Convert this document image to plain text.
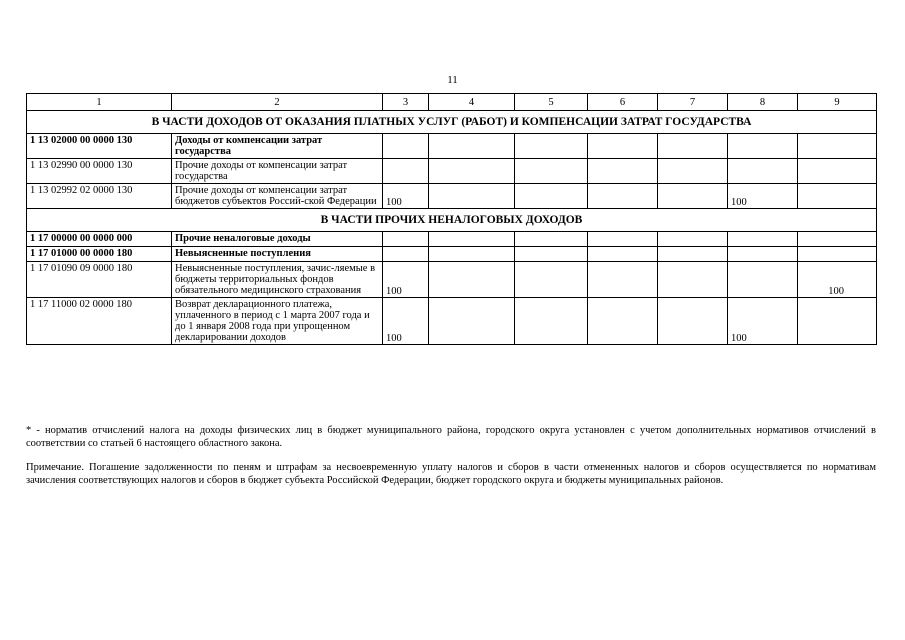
11
1	2	3	4	5	6	7	8	9
В ЧАСТИ ДОХОДОВ ОТ ОКАЗАНИЯ ПЛАТНЫХ УСЛУГ (РАБОТ) И КОМПЕНСАЦИИ ЗАТРАТ ГОСУДАРСТВА								
1 13 02000 00 0000 130	Доходы от компенсации затрат государства							
1 13 02990 00 0000 130	Прочие доходы от компенсации затрат государства							
1 13 02992 02 0000 130	Прочие доходы от компенсации затрат бюджетов субъектов Россий-ской Федерации	100					100	
В ЧАСТИ ПРОЧИХ НЕНАЛОГОВЫХ ДОХОДОВ								
1 17 00000 00 0000 000	Прочие неналоговые доходы							
1 17 01000 00 0000 180	Невыясненные поступления							
1 17 01090 09 0000 180	Невыясненные поступления, зачис-ляемые в бюджеты территориальных фондов обязательного медицинского страхования	100						100
1 17 11000 02 0000 180	Возврат декларационного платежа, уплаченного в период с 1 марта 2007 года и до 1 января 2008 года при упрощенном декларировании доходов	100					100	
* - норматив отчислений налога на доходы физических лиц в бюджет муниципального района, городского округа установлен с учетом дополнительных нормативов отчислений в соответствии со статьей 6 настоящего областного закона.
Примечание. Погашение задолженности по пеням и штрафам за несвоевременную уплату налогов и сборов в части отмененных налогов и сборов осуществляется по нормативам зачисления соответствующих налогов и сборов в бюджет субъекта Российской Федерации, бюджет городского округа и бюджеты муниципальных районов.
